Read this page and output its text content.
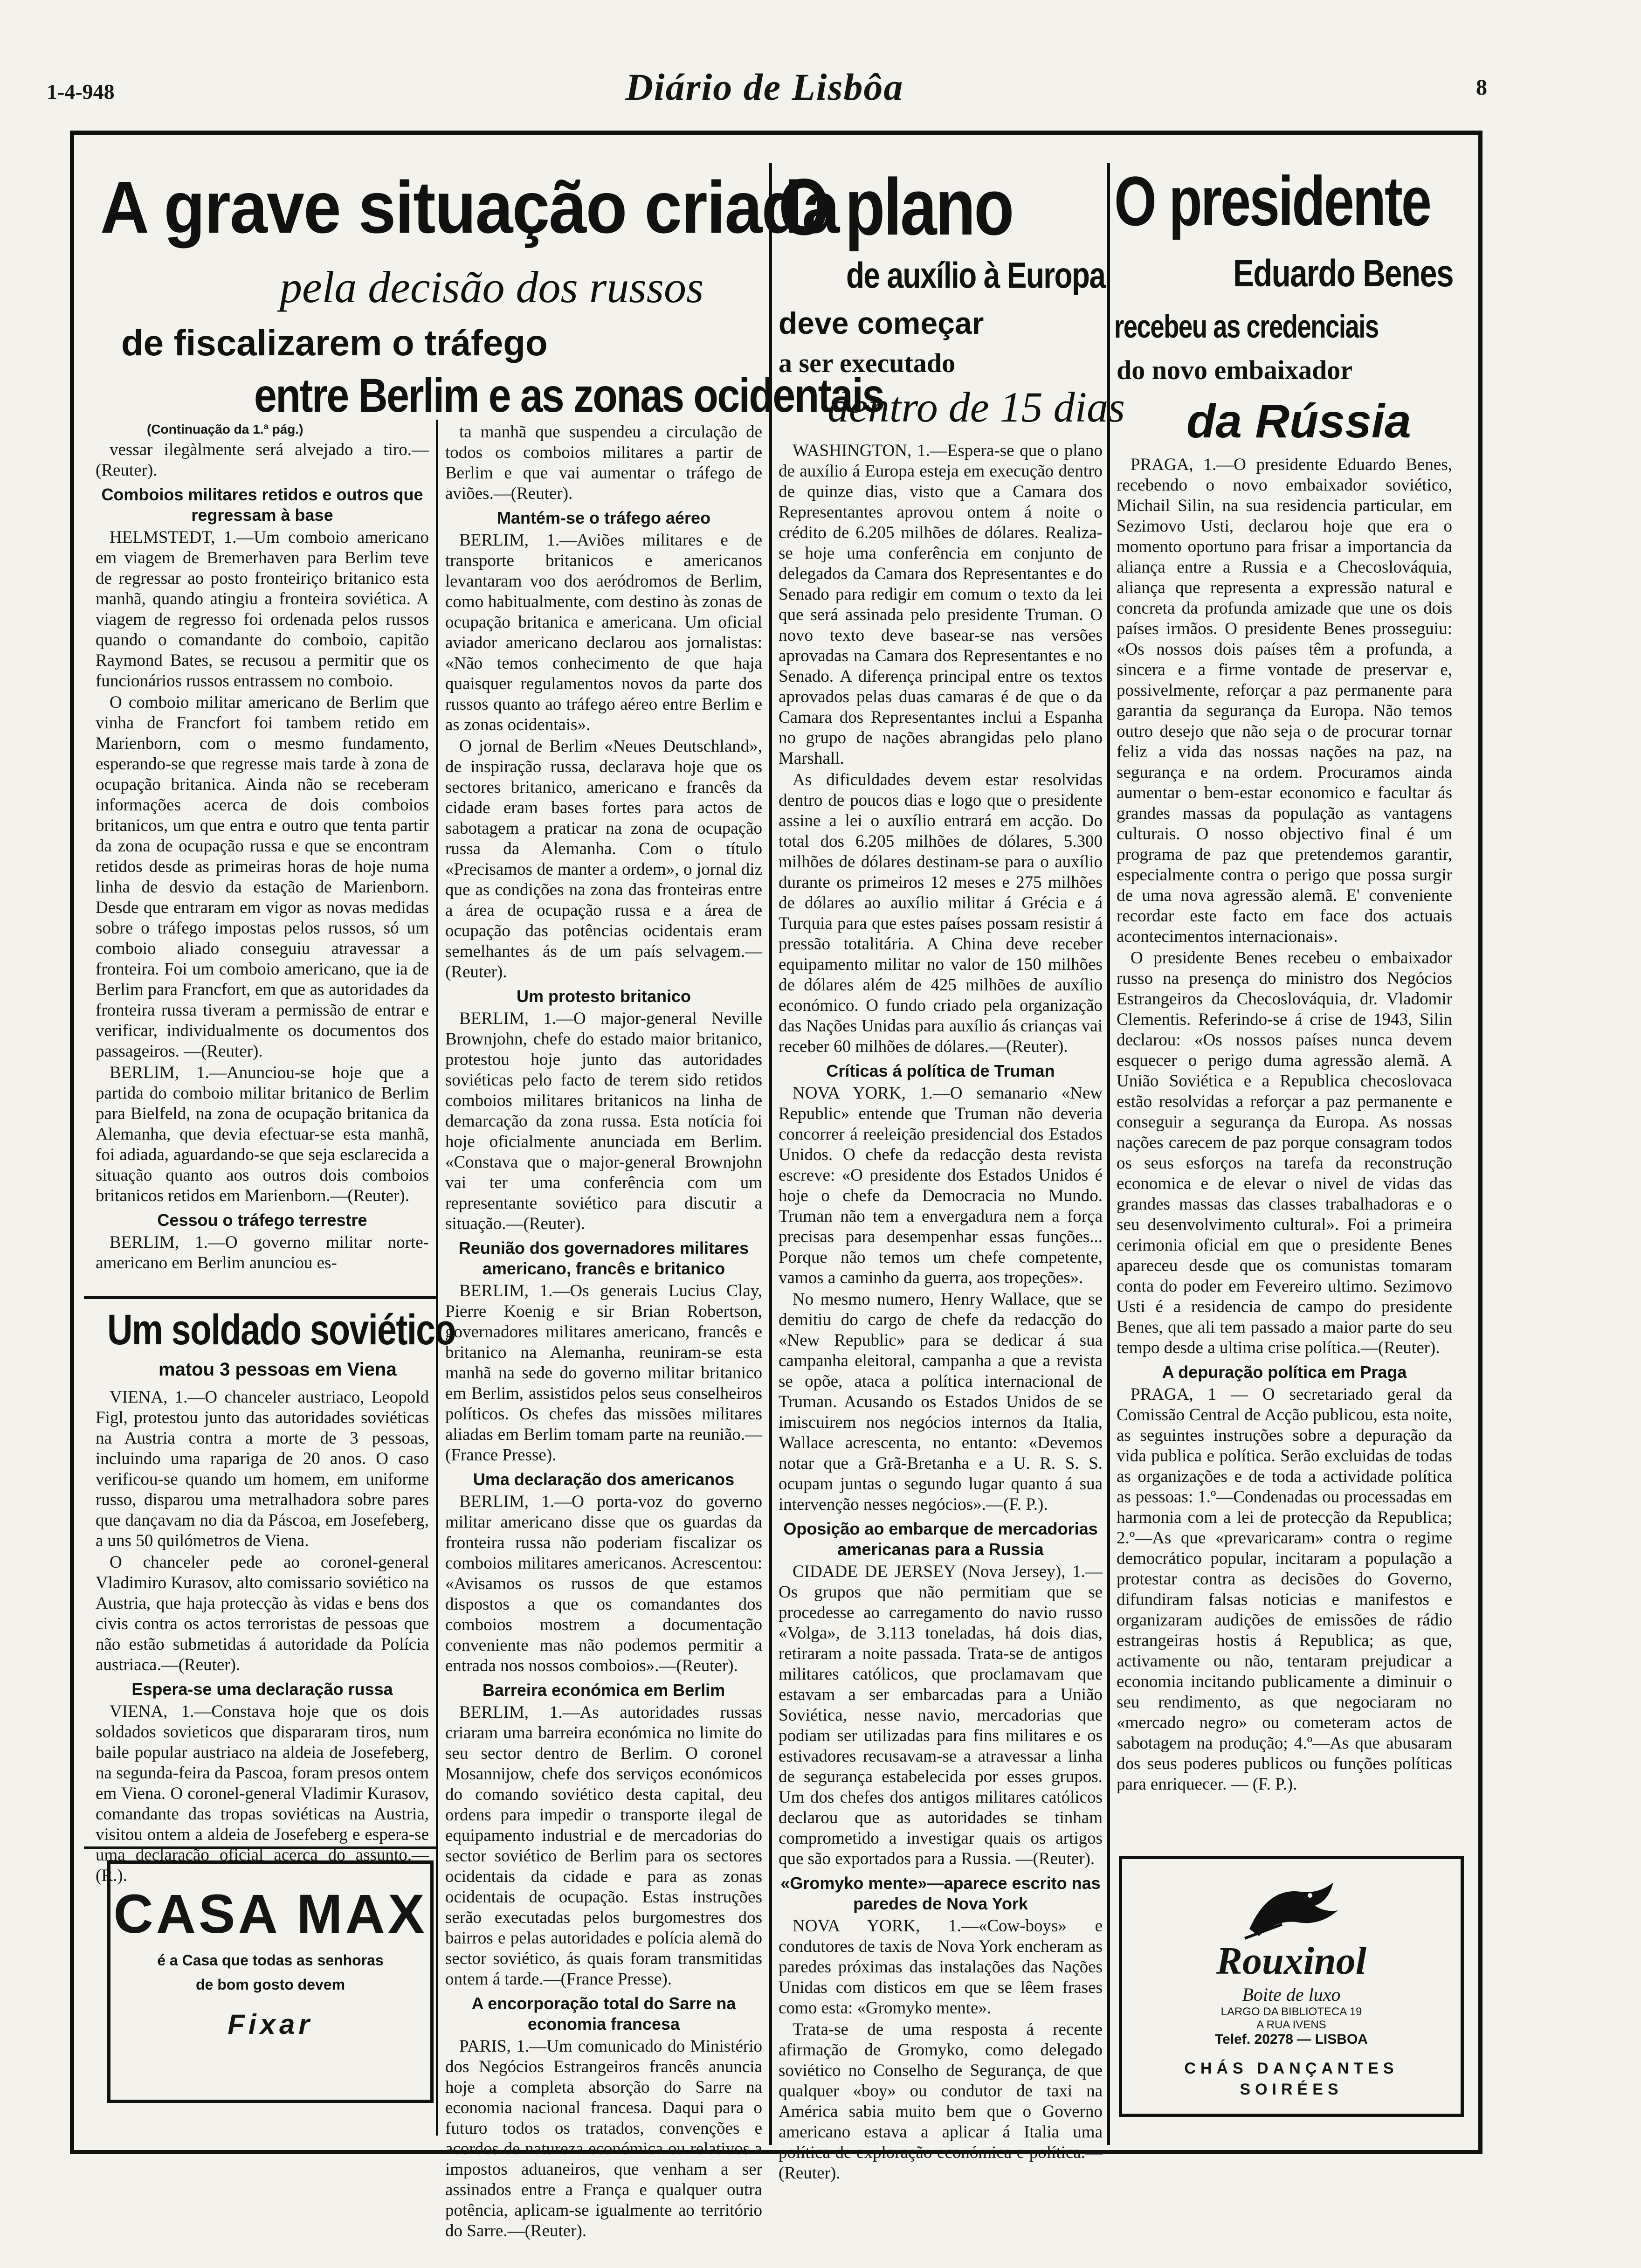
1-4-948	Diário de Lisbôa	8
A grave situação criada
pela decisão dos russos
de fiscalizarem o tráfego
entre Berlim e as zonas ocidentais
(Continuação da 1.ª pág.)

vessar ilegàlmente será alvejado a tiro.—(Reuter).

Comboios militares retidos e outros que regressam à base

HELMSTEDT, 1.—Um comboio americano em viagem de Bremerhaven para Berlim teve de regressar ao posto fronteiriço britanico esta manhã, quando atingiu a fronteira soviética. A viagem de regresso foi ordenada pelos russos quando o comandante do comboio, capitão Raymond Bates, se recusou a permitir que os funcionários russos entrassem no comboio.

O comboio militar americano de Berlim que vinha de Francfort foi tambem retido em Marienborn, com o mesmo fundamento, esperando-se que regresse mais tarde à zona de ocupação britanica. Ainda não se receberam informações acerca de dois comboios britanicos, um que entra e outro que tenta partir da zona de ocupação russa e que se encontram retidos desde as primeiras horas de hoje numa linha de desvio da estação de Marienborn. Desde que entraram em vigor as novas medidas sobre o tráfego impostas pelos russos, só um comboio aliado conseguiu atravessar a fronteira. Foi um comboio americano, que ia de Berlim para Francfort, em que as autoridades da fronteira russa tiveram a permissão de entrar e verificar, individualmente os documentos dos passageiros. —(Reuter).

BERLIM, 1.—Anunciou-se hoje que a partida do comboio militar britanico de Berlim para Bielfeld, na zona de ocupação britanica da Alemanha, que devia efectuar-se esta manhã, foi adiada, aguardando-se que seja esclarecida a situação quanto aos outros dois comboios britanicos retidos em Marienborn.—(Reuter).

Cessou o tráfego terrestre

BERLIM, 1.—O governo militar norte-americano em Berlim anunciou es-

ta manhã que suspendeu a circulação de todos os comboios militares a partir de Berlim e que vai aumentar o tráfego de aviões.—(Reuter).

Mantém-se o tráfego aéreo

BERLIM, 1.—Aviões militares e de transporte britanicos e americanos levantaram voo dos aeródromos de Berlim, como habitualmente, com destino às zonas de ocupação britanica e americana. Um oficial aviador americano declarou aos jornalistas: «Não temos conhecimento de que haja quaisquer regulamentos novos da parte dos russos quanto ao tráfego aéreo entre Berlim e as zonas ocidentais».

O jornal de Berlim «Neues Deutschland», de inspiração russa, declarava hoje que os sectores britanico, americano e francês da cidade eram bases fortes para actos de sabotagem a praticar na zona de ocupação russa da Alemanha. Com o título «Precisamos de manter a ordem», o jornal diz que as condições na zona das fronteiras entre a área de ocupação russa e a área de ocupação das potências ocidentais eram semelhantes ás de um país selvagem.—(Reuter).

Um protesto britanico

BERLIM, 1.—O major-general Neville Brownjohn, chefe do estado maior britanico, protestou hoje junto das autoridades soviéticas pelo facto de terem sido retidos comboios militares britanicos na linha de demarcação da zona russa. Esta notícia foi hoje oficialmente anunciada em Berlim. «Constava que o major-general Brownjohn vai ter uma conferência com um representante soviético para discutir a situação.—(Reuter).

Reunião dos governadores militares americano, francês e britanico

BERLIM, 1.—Os generais Lucius Clay, Pierre Koenig e sir Brian Robertson, governadores militares americano, francês e britanico na Alemanha, reuniram-se esta manhã na sede do governo militar britanico em Berlim, assistidos pelos seus conselheiros políticos. Os chefes das missões militares aliadas em Berlim tomam parte na reunião.—(France Presse).

Uma declaração dos americanos

BERLIM, 1.—O porta-voz do governo militar americano disse que os guardas da fronteira russa não poderiam fiscalizar os comboios militares americanos. Acrescentou: «Avisamos os russos de que estamos dispostos a que os comandantes dos comboios mostrem a documentação conveniente mas não podemos permitir a entrada nos nossos comboios».—(Reuter).

Barreira económica em Berlim

BERLIM, 1.—As autoridades russas criaram uma barreira económica no limite do seu sector dentro de Berlim. O coronel Mosannijow, chefe dos serviços económicos do comando soviético desta capital, deu ordens para impedir o transporte ilegal de equipamento industrial e de mercadorias do sector soviético de Berlim para os sectores ocidentais da cidade e para as zonas ocidentais de ocupação. Estas instruções serão executadas pelos burgomestres dos bairros e pelas autoridades e polícia alemã do sector soviético, ás quais foram transmitidas ontem á tarde.—(France Presse).

A encorporação total do Sarre na economia francesa

PARIS, 1.—Um comunicado do Ministério dos Negócios Estrangeiros francês anuncia hoje a completa absorção do Sarre na economia nacional francesa. Daqui para o futuro todos os tratados, convenções e acordos de natureza económica ou relativos a impostos aduaneiros, que venham a ser assinados entre a França e qualquer outra potência, aplicam-se igualmente ao território do Sarre.—(Reuter).

Um soldado soviético
matou 3 pessoas em Viena

VIENA, 1.—O chanceler austriaco, Leopold Figl, protestou junto das autoridades soviéticas na Austria contra a morte de 3 pessoas, incluindo uma rapariga de 20 anos. O caso verificou-se quando um homem, em uniforme russo, disparou uma metralhadora sobre pares que dançavam no dia da Páscoa, em Josefeberg, a uns 50 quilómetros de Viena.

O chanceler pede ao coronel-general Vladimiro Kurasov, alto comissario soviético na Austria, que haja protecção às vidas e bens dos civis contra os actos terroristas de pessoas que não estão submetidas á autoridade da Polícia austriaca.—(Reuter).

Espera-se uma declaração russa

VIENA, 1.—Constava hoje que os dois soldados sovieticos que dispararam tiros, num baile popular austriaco na aldeia de Josefeberg, na segunda-feira da Pascoa, foram presos ontem em Viena. O coronel-general Vladimir Kurasov, comandante das tropas soviéticas na Austria, visitou ontem a aldeia de Josefeberg e espera-se uma declaração oficial acerca do assunto.—(R.).

CASA MAX
é a Casa que todas as senhoras
de bom gosto devem
Fixar
O plano
de auxílio à Europa
deve começar
a ser executado
dentro de 15 dias

WASHINGTON, 1.—Espera-se que o plano de auxílio á Europa esteja em execução dentro de quinze dias, visto que a Camara dos Representantes aprovou ontem á noite o crédito de 6.205 milhões de dólares. Realiza-se hoje uma conferência em conjunto de delegados da Camara dos Representantes e do Senado para redigir em comum o texto da lei que será assinada pelo presidente Truman. O novo texto deve basear-se nas versões aprovadas na Camara dos Representantes e no Senado. A diferença principal entre os textos aprovados pelas duas camaras é de que o da Camara dos Representantes inclui a Espanha no grupo de nações abrangidas pelo plano Marshall.

As dificuldades devem estar resolvidas dentro de poucos dias e logo que o presidente assine a lei o auxílio entrará em acção. Do total dos 6.205 milhões de dólares, 5.300 milhões de dólares destinam-se para o auxílio durante os primeiros 12 meses e 275 milhões de dólares ao auxílio militar á Grécia e á Turquia para que estes países possam resistir á pressão totalitária. A China deve receber equipamento militar no valor de 150 milhões de dólares além de 425 milhões de auxílio económico. O fundo criado pela organização das Nações Unidas para auxílio ás crianças vai receber 60 milhões de dólares.—(Reuter).

Críticas á política de Truman

NOVA YORK, 1.—O semanario «New Republic» entende que Truman não deveria concorrer á reeleição presidencial dos Estados Unidos. O chefe da redacção desta revista escreve: «O presidente dos Estados Unidos é hoje o chefe da Democracia no Mundo. Truman não tem a envergadura nem a força precisas para desempenhar essas funções... Porque não temos um chefe competente, vamos a caminho da guerra, aos tropeções».

No mesmo numero, Henry Wallace, que se demitiu do cargo de chefe da redacção do «New Republic» para se dedicar á sua campanha eleitoral, campanha a que a revista se opõe, ataca a política internacional de Truman. Acusando os Estados Unidos de se imiscuirem nos negócios internos da Italia, Wallace acrescenta, no entanto: «Devemos notar que a Grã-Bretanha e a U. R. S. S. ocupam juntas o segundo lugar quanto á sua intervenção nesses negócios».—(F. P.).

Oposição ao embarque de mercadorias americanas para a Russia

CIDADE DE JERSEY (Nova Jersey), 1.—Os grupos que não permitiam que se procedesse ao carregamento do navio russo «Volga», de 3.113 toneladas, há dois dias, retiraram a noite passada. Trata-se de antigos militares católicos, que proclamavam que estavam a ser embarcadas para a União Soviética, nesse navio, mercadorias que podiam ser utilizadas para fins militares e os estivadores recusavam-se a atravessar a linha de segurança estabelecida por esses grupos. Um dos chefes dos antigos militares católicos declarou que as autoridades se tinham comprometido a investigar quais os artigos que são exportados para a Russia. —(Reuter).

«Gromyko mente»—aparece escrito nas paredes de Nova York

NOVA YORK, 1.—«Cow-boys» e condutores de taxis de Nova York encheram as paredes próximas das instalações das Nações Unidas com disticos em que se lêem frases como esta: «Gromyko mente».

Trata-se de uma resposta á recente afirmação de Gromyko, como delegado soviético no Conselho de Segurança, de que qualquer «boy» ou condutor de taxi na América sabia muito bem que o Governo americano estava a aplicar á Italia uma política de exploração económica e política.—(Reuter).

O presidente
Eduardo Benes
recebeu as credenciais
do novo embaixador
da Rússia

PRAGA, 1.—O presidente Eduardo Benes, recebendo o novo embaixador soviético, Michail Silin, na sua residencia particular, em Sezimovo Usti, declarou hoje que era o momento oportuno para frisar a importancia da aliança entre a Russia e a Checoslováquia, aliança que representa a expressão natural e concreta da profunda amizade que une os dois países irmãos. O presidente Benes prosseguiu: «Os nossos dois países têm a profunda, a sincera e a firme vontade de preservar e, possivelmente, reforçar a paz permanente para garantia da segurança da Europa. Não temos outro desejo que não seja o de procurar tornar feliz a vida das nossas nações na paz, na segurança e na ordem. Procuramos ainda aumentar o bem-estar economico e facultar ás grandes massas da população as vantagens culturais. O nosso objectivo final é um programa de paz que pretendemos garantir, especialmente contra o perigo que possa surgir de uma nova agressão alemã. E' conveniente recordar este facto em face dos actuais acontecimentos internacionais».

O presidente Benes recebeu o embaixador russo na presença do ministro dos Negócios Estrangeiros da Checoslováquia, dr. Vladomir Clementis. Referindo-se á crise de 1943, Silin declarou: «Os nossos países nunca devem esquecer o perigo duma agressão alemã. A União Soviética e a Republica checoslovaca estão resolvidas a reforçar a paz permanente e conseguir a segurança da Europa. As nossas nações carecem de paz porque consagram todos os seus esforços na tarefa da reconstrução economica e de elevar o nivel de vidas das grandes massas das classes trabalhadoras e o seu desenvolvimento cultural». Foi a primeira cerimonia oficial em que o presidente Benes apareceu desde que os comunistas tomaram conta do poder em Fevereiro ultimo. Sezimovo Usti é a residencia de campo do presidente Benes, que ali tem passado a maior parte do seu tempo desde a ultima crise política.—(Reuter).

A depuração política em Praga

PRAGA, 1 — O secretariado geral da Comissão Central de Acção publicou, esta noite, as seguintes instruções sobre a depuração da vida publica e política. Serão excluidas de todas as organizações e de toda a actividade política as pessoas: 1.º—Condenadas ou processadas em harmonia com a lei de protecção da Republica; 2.º—As que «prevaricaram» contra o regime democrático popular, incitaram a população a protestar contra as decisões do Governo, difundiram falsas noticias e manifestos e organizaram audições de emissões de rádio estrangeiras hostis á Republica; as que, activamente ou não, tentaram prejudicar a economia incitando publicamente a diminuir o seu rendimento, as que negociaram no «mercado negro» ou cometeram actos de sabotagem na produção; 4.º—As que abusaram dos seus poderes publicos ou funções políticas para enriquecer. — (F. P.).

Rouxinol
Boite de luxo
LARGO DA BIBLIOTECA 19
A RUA IVENS
Telef. 20278 — LISBOA
CHÁS DANÇANTES
SOIRÉES
